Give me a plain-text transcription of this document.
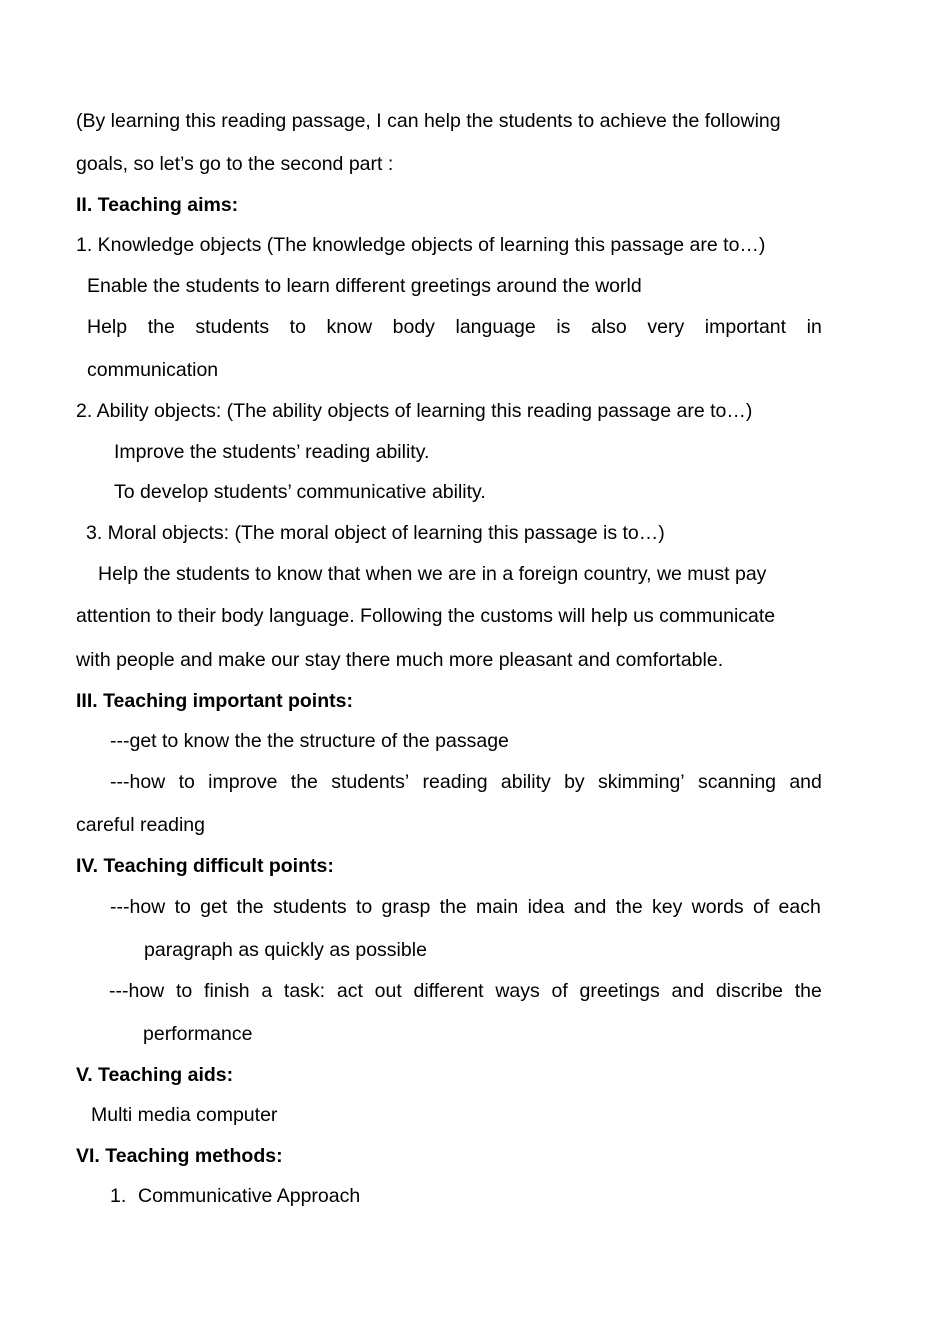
(By learning this reading passage, I can help the students to achieve the following
goals, so let’s go to the second part :
II. Teaching aims:
1. Knowledge objects (The knowledge objects of learning this passage are to…)
Enable the students to learn different greetings around the world
Help the students to know body language is also very important in
communication
2. Ability objects: (The ability objects of learning this reading passage are to…)
Improve the students’ reading ability.
To develop students’ communicative ability.
3. Moral objects: (The moral object of learning this passage is to…)
Help the students to know that when we are in a foreign country, we must pay
attention to their body language. Following the customs will help us communicate
with people and make our stay there much more pleasant and comfortable.
III. Teaching important points:
---get to know the the structure of the passage
---how to improve the students’ reading ability by skimming’ scanning and
careful reading
IV. Teaching difficult points:
---how to get the students to grasp the main idea and the key words of each
paragraph as quickly as possible
---how to finish a task: act out different ways of greetings and discribe the
performance
V. Teaching aids:
Multi media computer
VI. Teaching methods:
1. Communicative Approach
